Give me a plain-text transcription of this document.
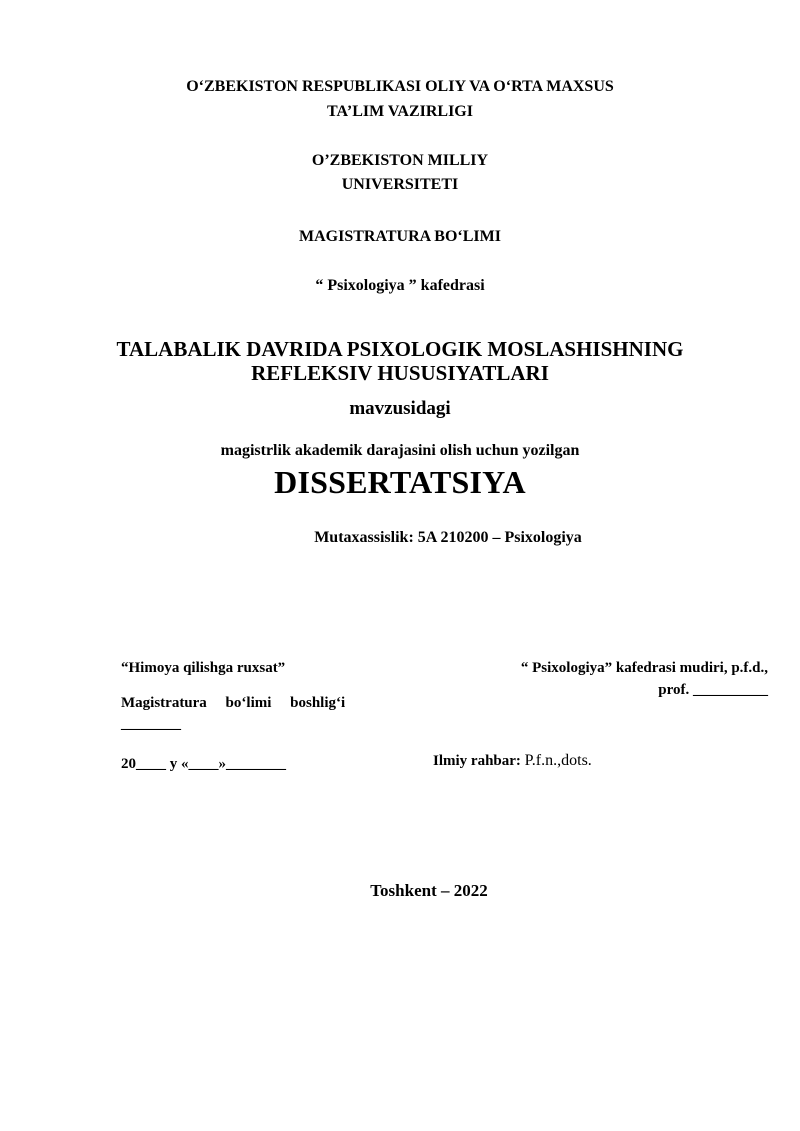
O‘ZBEKISTON RESPUBLIKASI OLIY VA O‘RTA MAXSUS
TA’LIM VAZIRLIGI
O’ZBEKISTON MILLIY
UNIVERSITETI
MAGISTRATURA BO‘LIMI
“ Psixologiya ” kafedrasi
TALABALIK DAVRIDA PSIXOLOGIK MOSLASHISHNING
REFLEKSIV HUSUSIYATLARI
mavzusidagi
magistrlik akademik darajasini olish uchun yozilgan
DISSERTATSIYA
Mutaxassislik: 5A 210200 – Psixologiya
“Himoya qilishga ruxsat”	“ Psixologiya” kafedrasi mudiri, p.f.d.,
prof. __________
Magistratura     bo‘limi     boshlig‘i
________
20____ y «____»________	Ilmiy rahbar: P.f.n.,dots.
Toshkent – 2022
